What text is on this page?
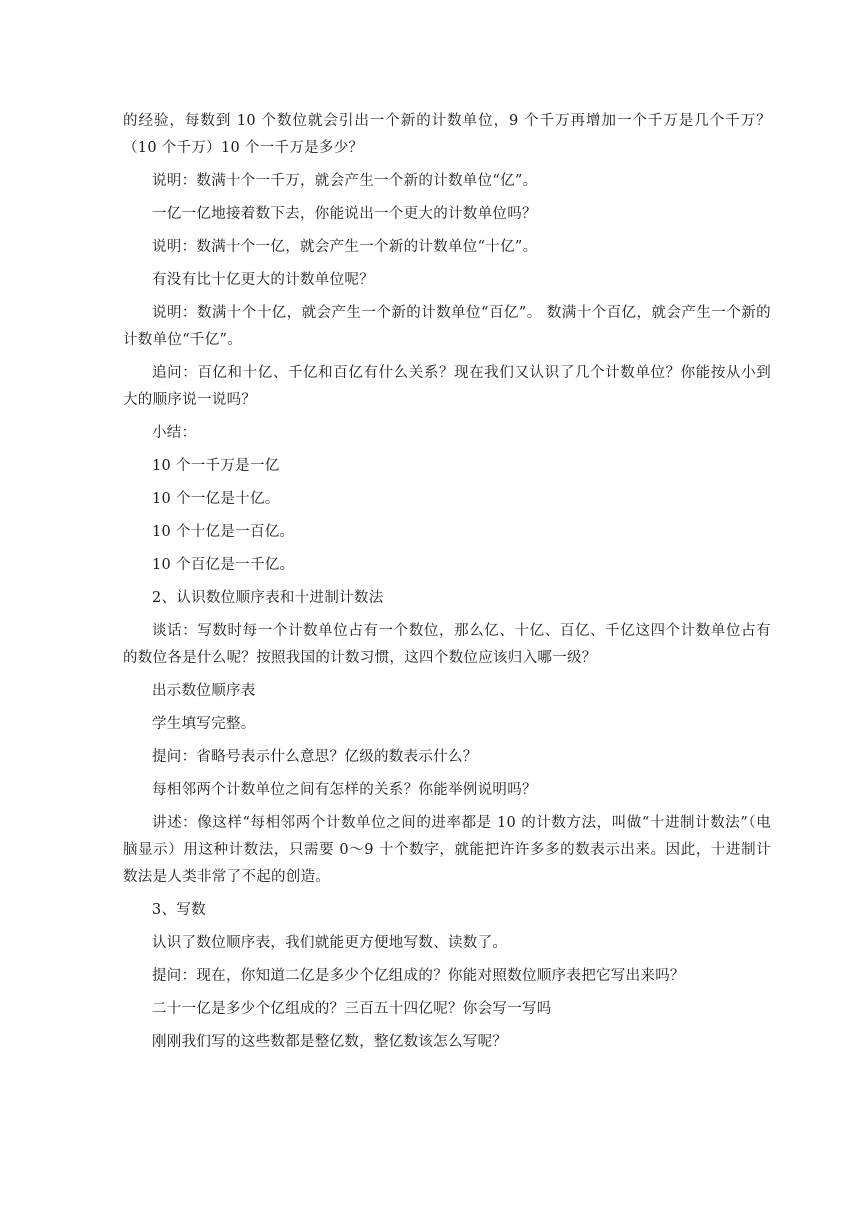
的经验，每数到 10 个数位就会引出一个新的计数单位，9 个千万再增加一个千万是几个千万？（10 个千万）10 个一千万是多少？

说明：数满十个一千万，就会产生一个新的计数单位“亿”。

一亿一亿地接着数下去，你能说出一个更大的计数单位吗？

说明：数满十个一亿，就会产生一个新的计数单位“十亿”。

有没有比十亿更大的计数单位呢？

说明：数满十个十亿，就会产生一个新的计数单位“百亿”。 数满十个百亿，就会产生一个新的计数单位“千亿”。

追问：百亿和十亿、千亿和百亿有什么关系？现在我们又认识了几个计数单位？你能按从小到大的顺序说一说吗？

小结：

10 个一千万是一亿

10 个一亿是十亿。

10 个十亿是一百亿。

10 个百亿是一千亿。

2、认识数位顺序表和十进制计数法

谈话：写数时每一个计数单位占有一个数位，那么亿、十亿、百亿、千亿这四个计数单位占有的数位各是什么呢？按照我国的计数习惯，这四个数位应该归入哪一级？

出示数位顺序表

学生填写完整。

提问：省略号表示什么意思？亿级的数表示什么？

每相邻两个计数单位之间有怎样的关系？你能举例说明吗？

讲述：像这样“每相邻两个计数单位之间的进率都是 10 的计数方法，叫做“十进制计数法”（电脑显示）用这种计数法，只需要 0～9 十个数字，就能把许许多多的数表示出来。因此，十进制计数法是人类非常了不起的创造。

3、写数

认识了数位顺序表，我们就能更方便地写数、读数了。

提问：现在，你知道二亿是多少个亿组成的？你能对照数位顺序表把它写出来吗？

二十一亿是多少个亿组成的？三百五十四亿呢？你会写一写吗

刚刚我们写的这些数都是整亿数，整亿数该怎么写呢？
